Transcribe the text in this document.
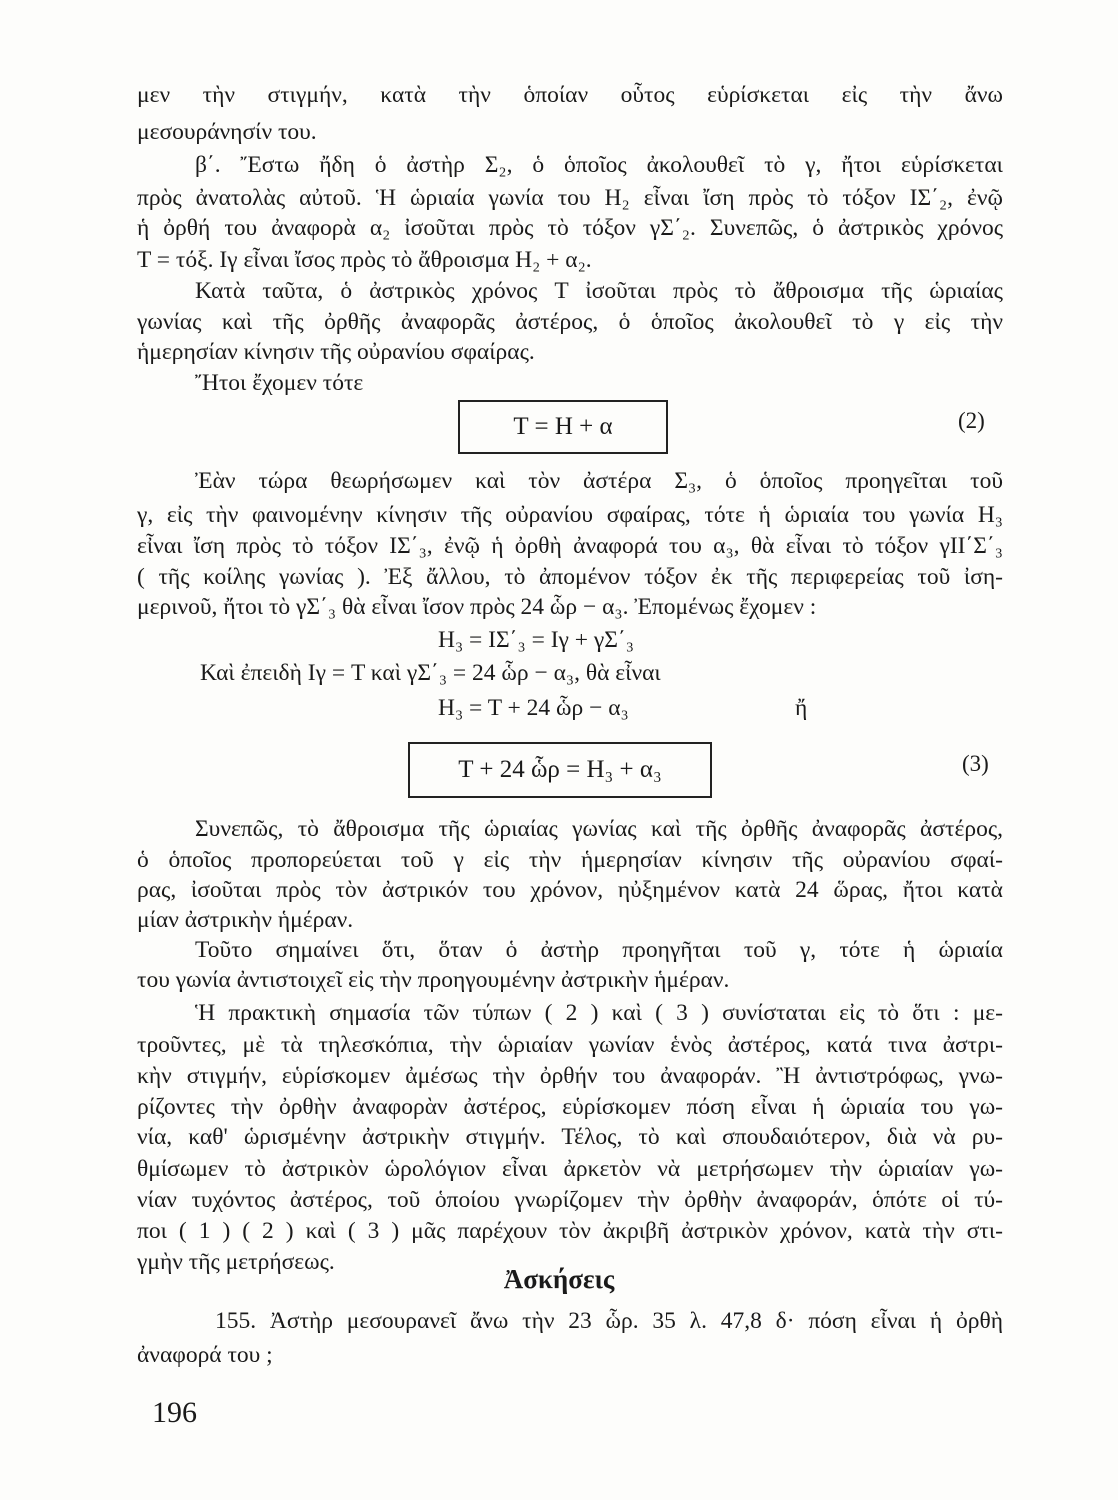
μεν τὴν στιγμήν, κατὰ τὴν ὁποίαν οὗτος εὑρίσκεται εἰς τὴν ἄνω
μεσουράνησίν του.
β΄. Ἔστω ἤδη ὁ ἀστὴρ Σ₂, ὁ ὁποῖος ἀκολουθεῖ τὸ γ, ἤτοι εὑρίσκεται
πρὸς ἀνατολὰς αὐτοῦ. Ἡ ὡριαία γωνία του H₂ εἶναι ἴση πρὸς τὸ τόξον ΙΣ΄₂, ἐνῷ
ἡ ὀρθή του ἀναφορὰ α₂ ἰσοῦται πρὸς τὸ τόξον γΣ΄₂. Συνεπῶς, ὁ ἀστρικὸς χρόνος
T = τόξ. Ιγ εἶναι ἴσος πρὸς τὸ ἄθροισμα H₂ + α₂.
Κατὰ ταῦτα, ὁ ἀστρικὸς χρόνος T ἰσοῦται πρὸς τὸ ἄθροισμα τῆς ὡριαίας
γωνίας καὶ τῆς ὀρθῆς ἀναφορᾶς ἀστέρος, ὁ ὁποῖος ἀκολουθεῖ τὸ γ εἰς τὴν
ἡμερησίαν κίνησιν τῆς οὐρανίου σφαίρας.
Ἤτοι ἔχομεν τότε
T = H + α	(2)
Ἐὰν τώρα θεωρήσωμεν καὶ τὸν ἀστέρα Σ₃, ὁ ὁποῖος προηγεῖται τοῦ
γ, εἰς τὴν φαινομένην κίνησιν τῆς οὐρανίου σφαίρας, τότε ἡ ὡριαία του γωνία H₃
εἶναι ἴση πρὸς τὸ τόξον ΙΣ΄₃, ἐνῷ ἡ ὀρθὴ ἀναφορά του α₃, θὰ εἶναι τὸ τόξον γΙΙ΄Σ΄₃
( τῆς κοίλης γωνίας ). Ἐξ ἄλλου, τὸ ἀπομένον τόξον ἐκ τῆς περιφερείας τοῦ ἰση-
μερινοῦ, ἤτοι τὸ γΣ΄₃ θὰ εἶναι ἴσον πρὸς 24 ὧρ − α₃. Ἐπομένως ἔχομεν :
H₃ = ΙΣ΄₃ = Ιγ + γΣ΄₃
Καὶ ἐπειδὴ Ιγ = T καὶ γΣ΄₃ = 24 ὧρ − α₃, θὰ εἶναι
H₃ = T + 24 ὧρ − α₃	ἤ
T + 24 ὧρ = H₃ + α₃	(3)
Συνεπῶς, τὸ ἄθροισμα τῆς ὡριαίας γωνίας καὶ τῆς ὀρθῆς ἀναφορᾶς ἀστέρος,
ὁ ὁποῖος προπορεύεται τοῦ γ εἰς τὴν ἡμερησίαν κίνησιν τῆς οὐρανίου σφαί-
ρας, ἰσοῦται πρὸς τὸν ἀστρικόν του χρόνον, ηὐξημένον κατὰ 24 ὥρας, ἤτοι κατὰ
μίαν ἀστρικὴν ἡμέραν.
Τοῦτο σημαίνει ὅτι, ὅταν ὁ ἀστὴρ προηγῆται τοῦ γ, τότε ἡ ὡριαία
του γωνία ἀντιστοιχεῖ εἰς τὴν προηγουμένην ἀστρικὴν ἡμέραν.
Ἡ πρακτικὴ σημασία τῶν τύπων ( 2 ) καὶ ( 3 ) συνίσταται εἰς τὸ ὅτι : με-
τροῦντες, μὲ τὰ τηλεσκόπια, τὴν ὡριαίαν γωνίαν ἑνὸς ἀστέρος, κατά τινα ἀστρι-
κὴν στιγμήν, εὑρίσκομεν ἀμέσως τὴν ὀρθήν του ἀναφοράν. Ἢ ἀντιστρόφως, γνω-
ρίζοντες τὴν ὀρθὴν ἀναφορὰν ἀστέρος, εὑρίσκομεν πόση εἶναι ἡ ὡριαία του γω-
νία, καθ' ὡρισμένην ἀστρικὴν στιγμήν. Τέλος, τὸ καὶ σπουδαιότερον, διὰ νὰ ρυ-
θμίσωμεν τὸ ἀστρικὸν ὡρολόγιον εἶναι ἀρκετὸν νὰ μετρήσωμεν τὴν ὡριαίαν γω-
νίαν τυχόντος ἀστέρος, τοῦ ὁποίου γνωρίζομεν τὴν ὀρθὴν ἀναφοράν, ὁπότε οἱ τύ-
ποι ( 1 ) ( 2 ) καὶ ( 3 ) μᾶς παρέχουν τὸν ἀκριβῆ ἀστρικὸν χρόνον, κατὰ τὴν στι-
γμὴν τῆς μετρήσεως.
Ἀσκήσεις
155. Ἀστὴρ μεσουρανεῖ ἄνω τὴν 23 ὧρ. 35 λ. 47,8 δ· πόση εἶναι ἡ ὀρθὴ
ἀναφορά του ;
196
